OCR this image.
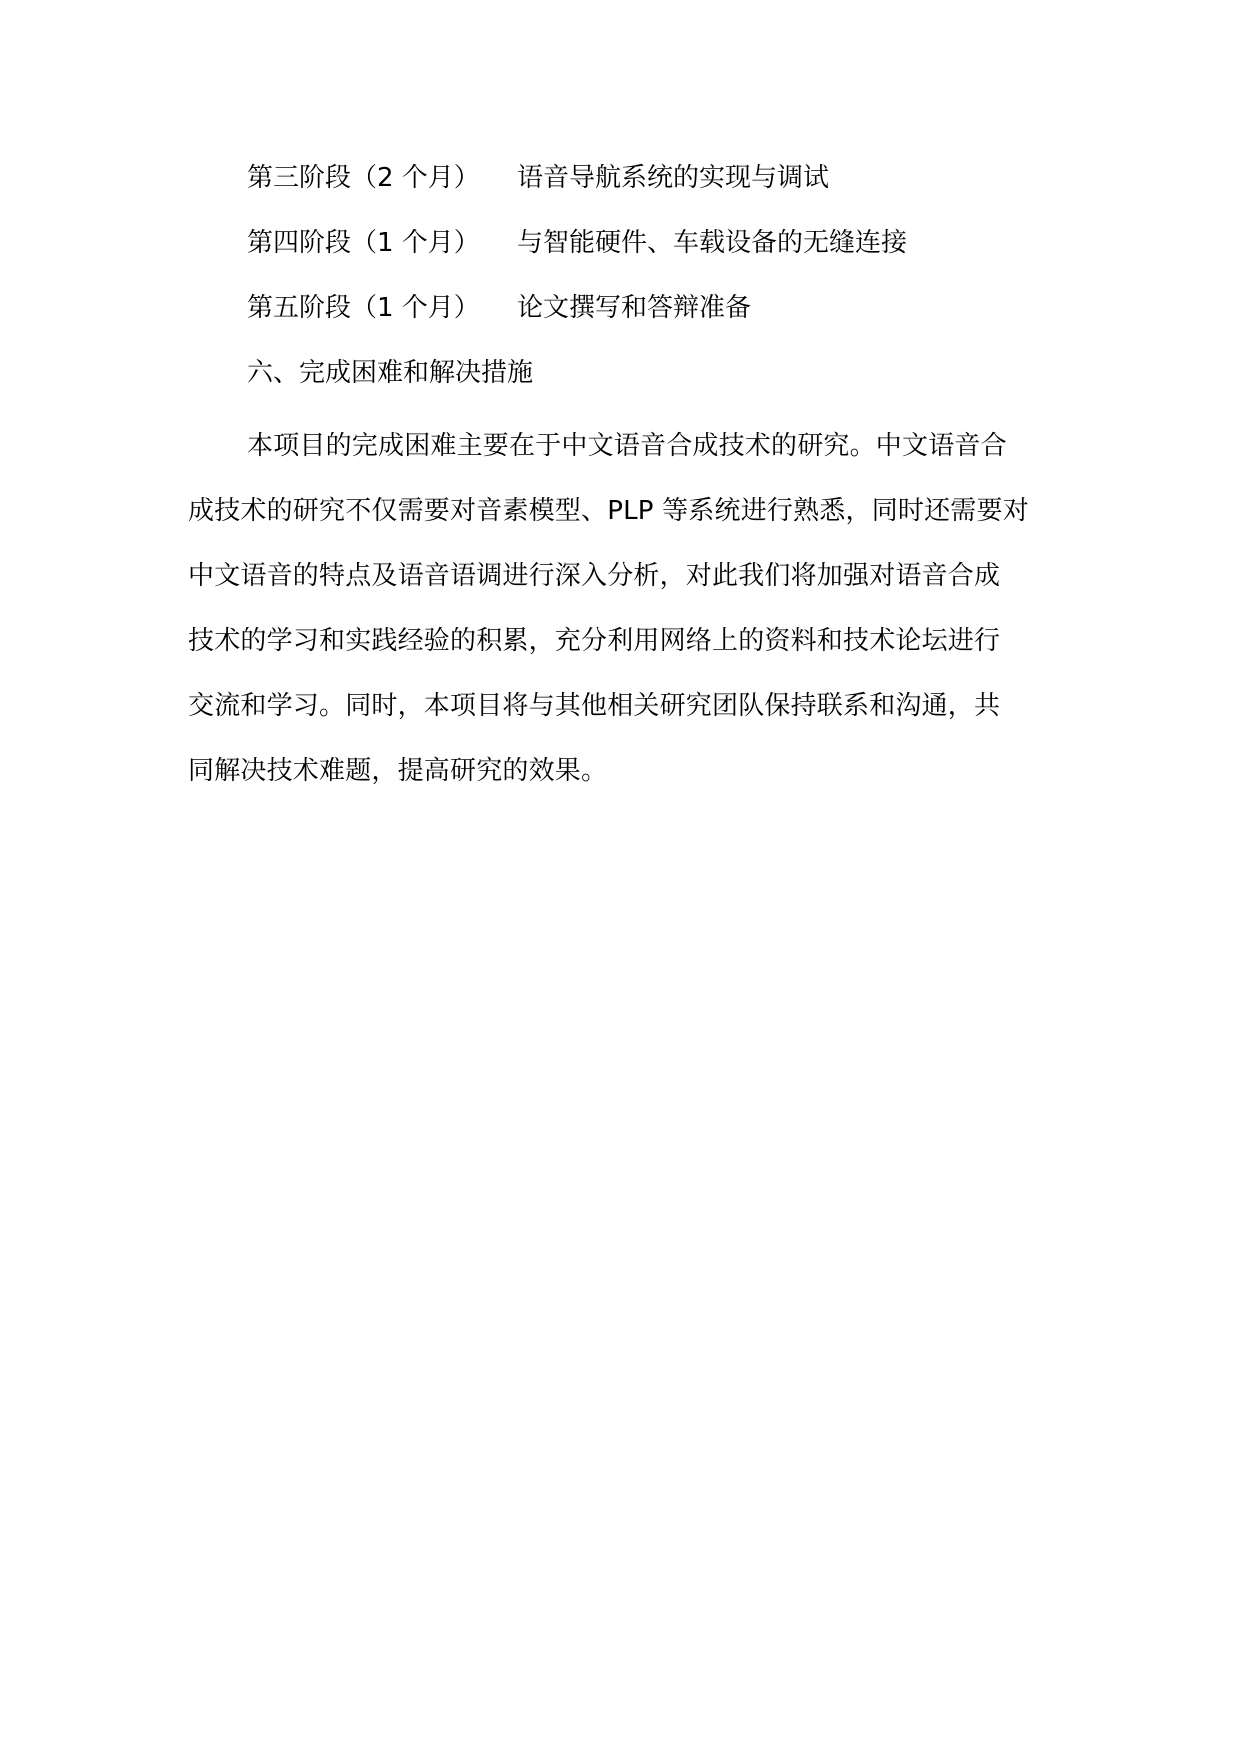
第三阶段（2 个月）	语音导航系统的实现与调试
第四阶段（1 个月）	与智能硬件、车载设备的无缝连接
第五阶段（1 个月）	论文撰写和答辩准备
六、完成困难和解决措施

本项目的完成困难主要在于中文语音合成技术的研究。中文语音合
成技术的研究不仅需要对音素模型、PLP 等系统进行熟悉，同时还需要对
中文语音的特点及语音语调进行深入分析，对此我们将加强对语音合成
技术的学习和实践经验的积累，充分利用网络上的资料和技术论坛进行
交流和学习。同时，本项目将与其他相关研究团队保持联系和沟通，共
同解决技术难题，提高研究的效果。
